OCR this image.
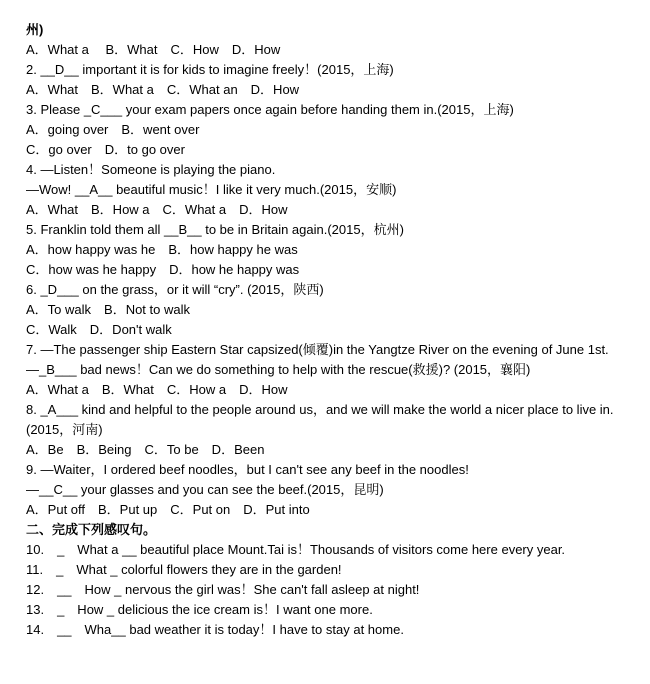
州)
A．What a　 B．What　C．How　D．How
2. __D__ important it is for kids to imagine freely！(2015，上海)
A．What　B．What a　C．What an　D．How
3. Please _C___ your exam papers once again before handing them in.(2015，上海)
A．going over　B．went over
C．go over　D．to go over
4. —Listen！Someone is playing the piano.
—Wow! __A__ beautiful music！I like it very much.(2015，安顺)
A．What　B．How a　C．What a　D．How
5. Franklin told them all __B__ to be in Britain again.(2015，杭州)
A．how happy was he　B．how happy he was
C．how was he happy　D．how he happy was
6. _D___ on the grass，or it will “cry”. (2015，陕西)
A．To walk　B．Not to walk
C．Walk　D．Don't walk
7. —The passenger ship Eastern Star capsized(倾覆)in the Yangtze River on the evening of June 1st.
—_B___ bad news！Can we do something to help with the rescue(救援)? (2015，襄阳)
A．What a　B．What　C．How a　D．How
8. _A___ kind and helpful to the people around us，and we will make the world a nicer place to live in.(2015，河南)
A．Be　B．Being　C．To be　D．Been
9. —Waiter，I ordered beef noodles，but I can't see any beef in the noodles!
—__C__ your glasses and you can see the beef.(2015，昆明)
A．Put off　B．Put up　C．Put on　D．Put into
二、完成下列感叹句。
10.　_　What a __ beautiful place Mount.Tai is！Thousands of visitors come here every year.
11.　_　What _ colorful flowers they are in the garden!
12.　__　How _ nervous the girl was！She can't fall asleep at night!
13.　_　How _ delicious the ice cream is！I want one more.
14.　__　Wha__ bad weather it is today！I have to stay at home.
